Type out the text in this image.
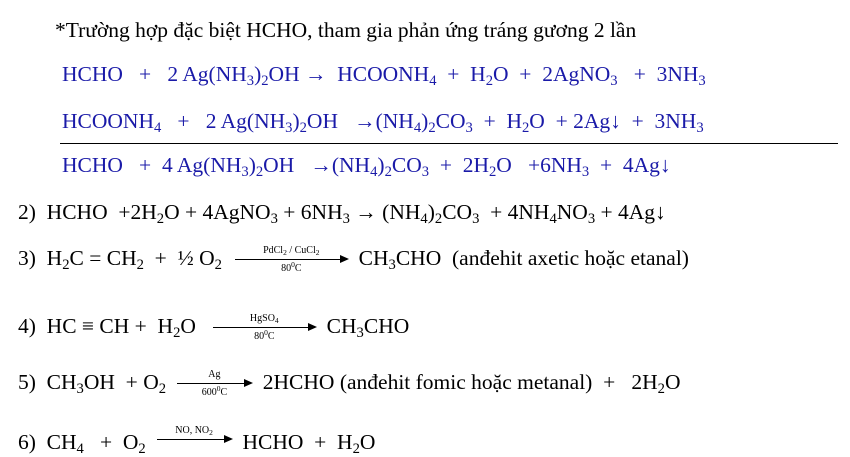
*Trường hợp đặc biệt HCHO, tham gia phản ứng tráng gương 2 lần
HCHO + 2 $Ag(NH_3)_2OH$ → $HCOONH_4 + H_2O$ + 2AgNO$_3$ + $3NH_3$
$HCOONH_4 + 2$ $Ag(NH_3)_2OH \to(NH_4)_2CO_3 + H_2O$ + 2Ag↓ + $3NH_3$
HCHO + 4 $Ag(NH_3)_2OH \to(NH_4)_2CO_3 + 2H_2O +6NH_3$ + 4Ag↓
2) HCHO $+2H_2O$ + 4AgNO$_3$ + $6NH_3 \to (NH_4)_2CO_3 + 4NH_4NO_3$ + 4Ag↓
3) $H_2C = CH_2$ + ½ $O_2$
PdCl$_2$ / CuCl$_2$
$80^0C$	$CH_3CHO$ (anđehit axetic hoặc etanal)
4) HC ≡ CH + $H_2O$	HgSO$_4$
$80^0C$	$CH_3CHO$
5) $CH_3OH + O_2 \frac{Ag}{600^0C}$ 2HCHO (anđehit fomic hoặc metanal) + $2H_2O$
6) $CH_4 + O_2$
NO, $NO_2$	HCHO + $H_2O$
